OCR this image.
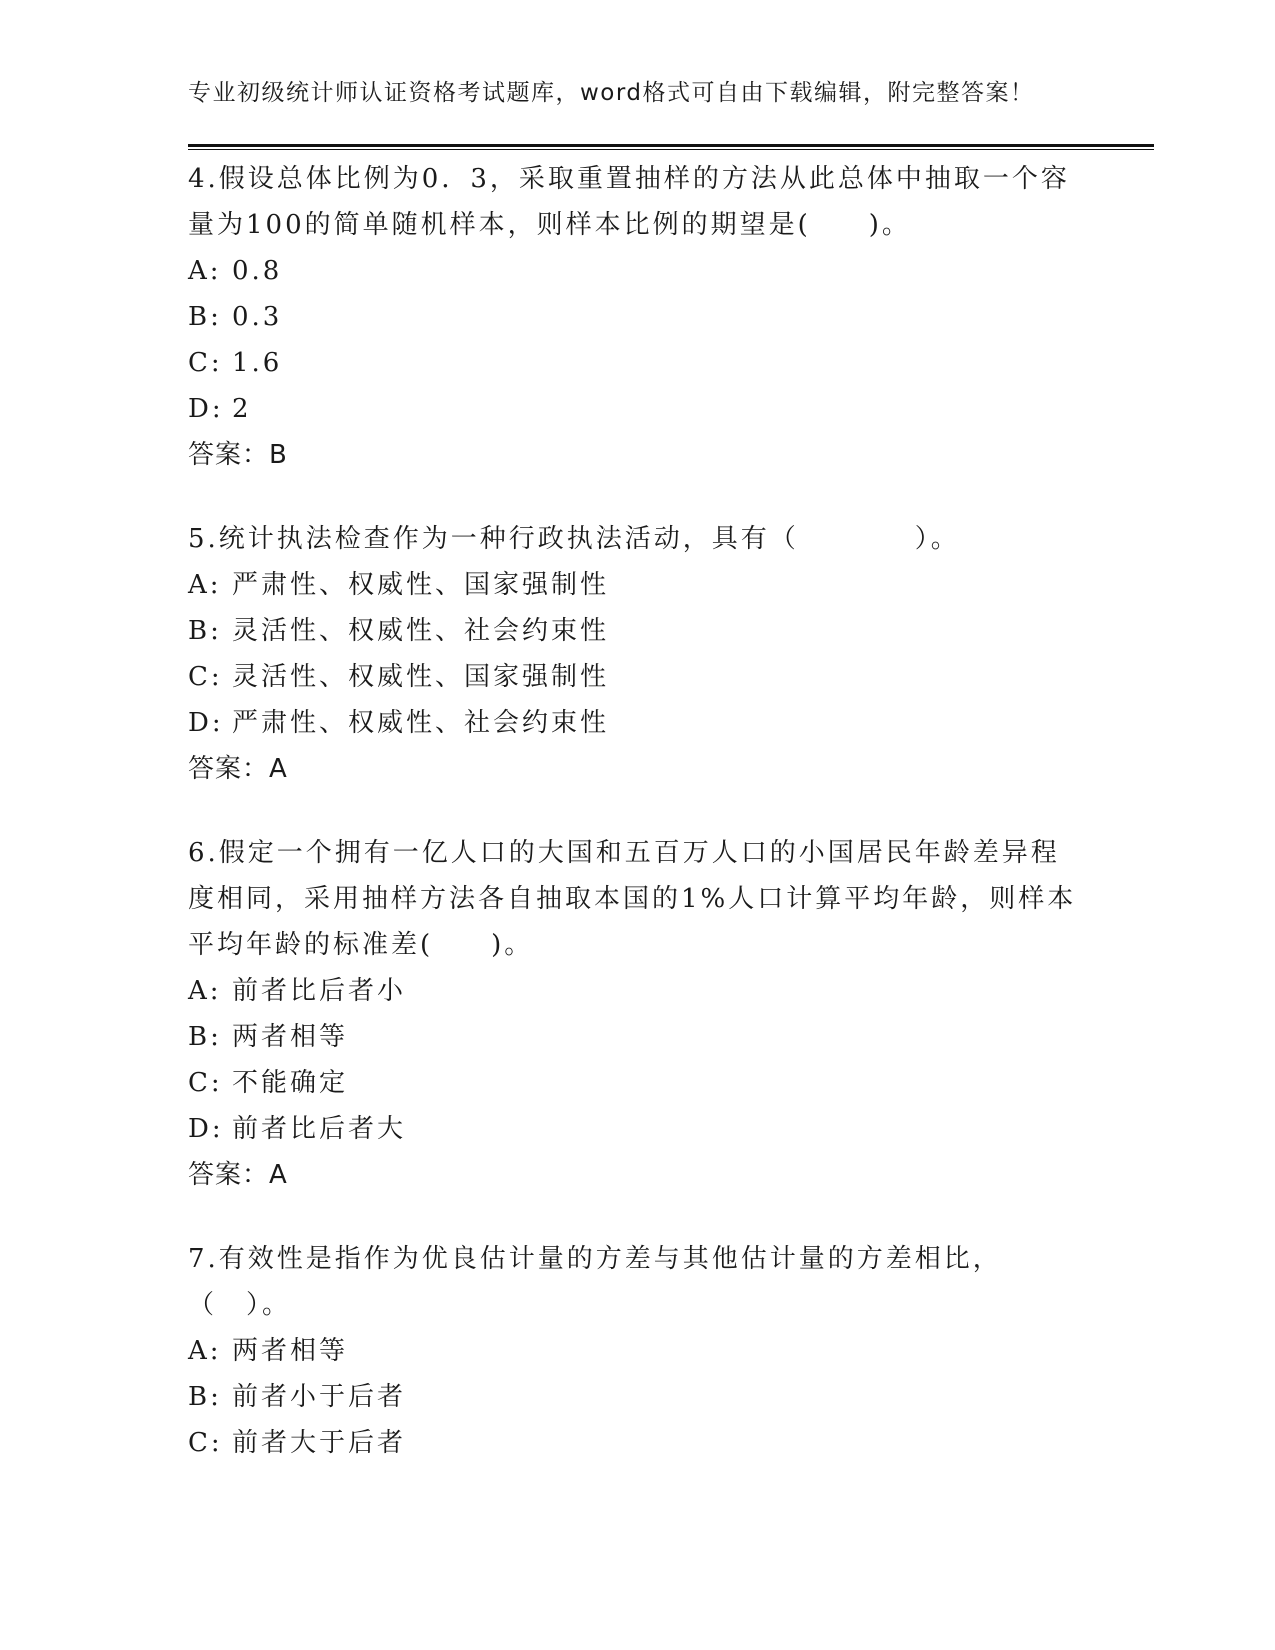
专业初级统计师认证资格考试题库，word格式可自由下载编辑，附完整答案！

4.假设总体比例为0．3，采取重置抽样的方法从此总体中抽取一个容量为100的简单随机样本，则样本比例的期望是(　　)。

A: 0.8

B: 0.3

C: 1.6

D: 2

答案：B

5.统计执法检查作为一种行政执法活动，具有（　　　　）。

A: 严肃性、权威性、国家强制性

B: 灵活性、权威性、社会约束性

C: 灵活性、权威性、国家强制性

D: 严肃性、权威性、社会约束性

答案：A

6.假定一个拥有一亿人口的大国和五百万人口的小国居民年龄差异程度相同，采用抽样方法各自抽取本国的1%人口计算平均年龄，则样本平均年龄的标准差(　　)。

A: 前者比后者小

B: 两者相等

C: 不能确定

D: 前者比后者大

答案：A

7.有效性是指作为优良估计量的方差与其他估计量的方差相比，（　）。

A: 两者相等

B: 前者小于后者

C: 前者大于后者
